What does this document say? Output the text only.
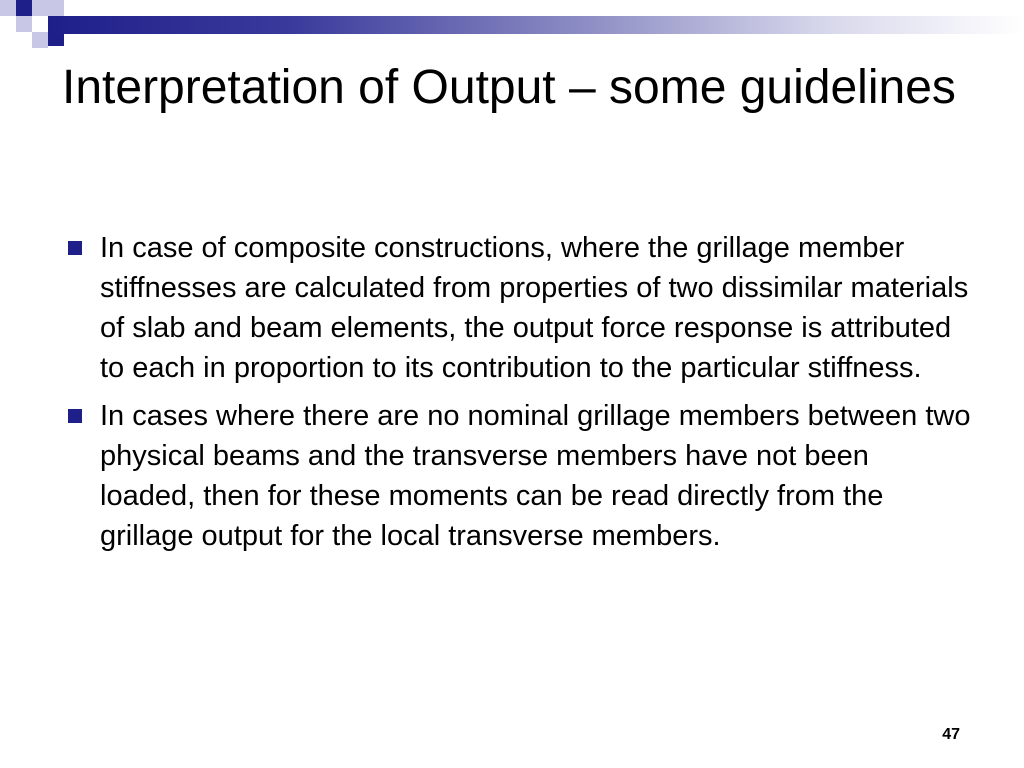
Interpretation of Output – some guidelines
In case of composite constructions, where the grillage member stiffnesses are calculated from properties of two dissimilar materials of slab and beam elements, the output force response is attributed to each in proportion to its contribution to the particular stiffness.
In cases where there are no nominal grillage members between two physical beams and the transverse members have not been loaded, then for these moments can be read directly from the grillage output for the local transverse members.
47
